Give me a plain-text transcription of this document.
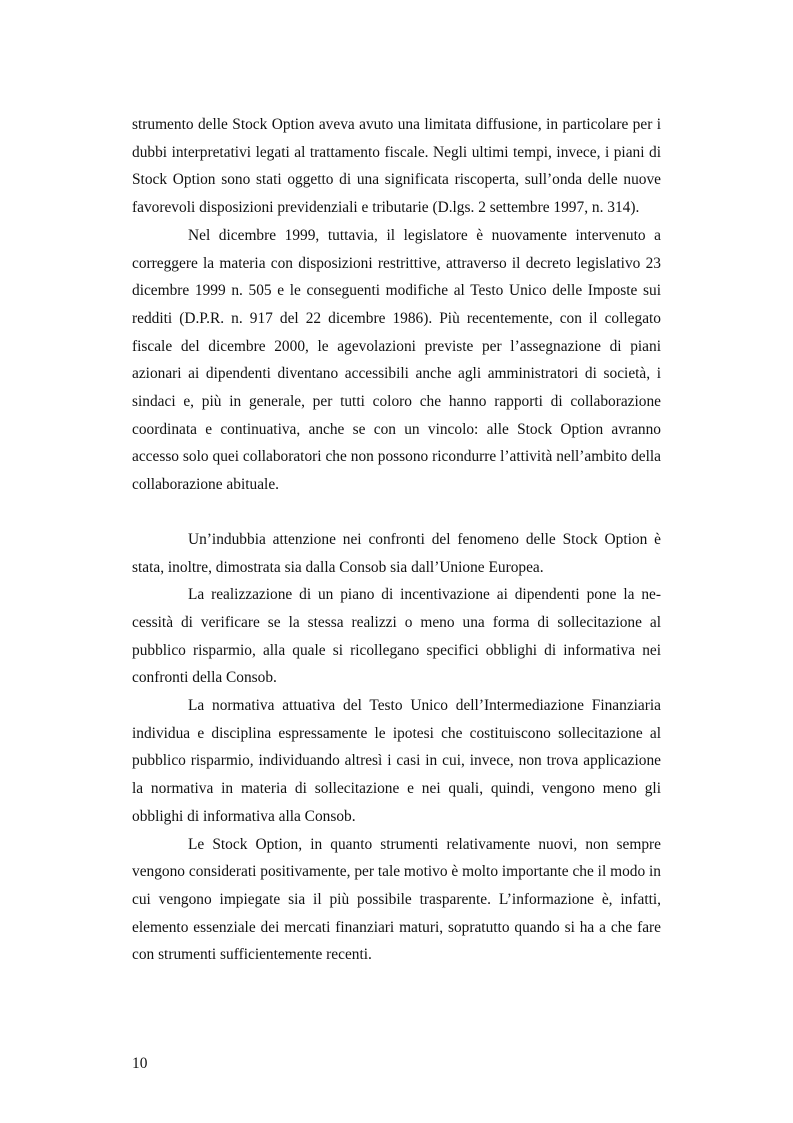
strumento delle Stock Option aveva avuto una limitata diffusione, in particolare per i dubbi interpretativi legati al trattamento fiscale. Negli ultimi tempi, invece, i piani di Stock Option sono stati oggetto di una significata riscoperta, sull’onda delle nuove favorevoli disposizioni previdenziali e tributarie (D.lgs. 2 settembre 1997, n. 314).

Nel dicembre 1999, tuttavia, il legislatore è nuovamente intervenuto a correggere la materia con disposizioni restrittive, attraverso il decreto legislativo 23 dicembre 1999 n. 505 e le conseguenti modifiche al Testo Unico delle Imposte sui redditi (D.P.R. n. 917 del 22 dicembre 1986). Più recentemente, con il collegato fiscale del dicembre 2000, le agevolazioni previste per l’assegnazione di piani azionari ai dipendenti diventano accessibili anche agli amministratori di società, i sindaci e, più in generale, per tutti coloro che hanno rapporti di collaborazione coordinata e continuativa, anche se con un vincolo: alle Stock Option avranno accesso solo quei collaboratori che non possono ricondurre l’attività nell’ambito della collaborazione abituale.

Un’indubbia attenzione nei confronti del fenomeno delle Stock Option è stata, inoltre, dimostrata sia dalla Consob sia dall’Unione Europea.

La realizzazione di un piano di incentivazione ai dipendenti pone la necessità di verificare se la stessa realizzi o meno una forma di sollecitazione al pubblico risparmio, alla quale si ricollegano specifici obblighi di informativa nei confronti della Consob.

La normativa attuativa del Testo Unico dell’Intermediazione Finanziaria individua e disciplina espressamente le ipotesi che costituiscono sollecitazione al pubblico risparmio, individuando altresì i casi in cui, invece, non trova applicazione la normativa in materia di sollecitazione e nei quali, quindi, vengono meno gli obblighi di informativa alla Consob.

Le Stock Option, in quanto strumenti relativamente nuovi, non sempre vengono considerati positivamente, per tale motivo è molto importante che il modo in cui vengono impiegate sia il più possibile trasparente. L’informazione è, infatti, elemento essenziale dei mercati finanziari maturi, sopratutto quando si ha a che fare con strumenti sufficientemente recenti.

10
